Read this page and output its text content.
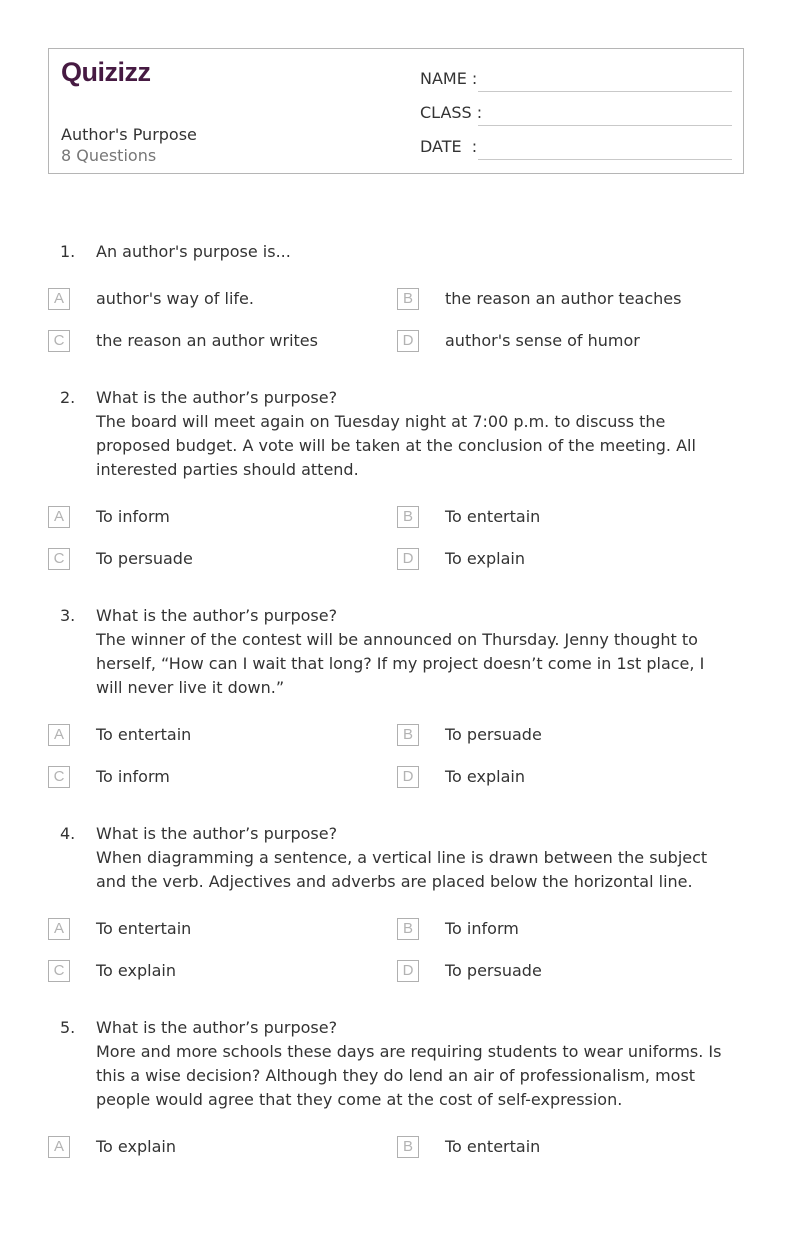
Quizizz
Author's Purpose
8 Questions
NAME :
CLASS :
DATE  :
1. An author's purpose is...
A	author's way of life.	B	the reason an author teaches
C	the reason an author writes	D	author's sense of humor
2. What is the author’s purpose?
The board will meet again on Tuesday night at 7:00 p.m. to discuss the proposed budget. A vote will be taken at the conclusion of the meeting. All interested parties should attend.
A	To inform	B	To entertain
C	To persuade	D	To explain
3. What is the author’s purpose?
The winner of the contest will be announced on Thursday. Jenny thought to herself, “How can I wait that long? If my project doesn’t come in 1st place, I will never live it down.”
A	To entertain	B	To persuade
C	To inform	D	To explain
4. What is the author’s purpose?
When diagramming a sentence, a vertical line is drawn between the subject and the verb. Adjectives and adverbs are placed below the horizontal line.
A	To entertain	B	To inform
C	To explain	D	To persuade
5. What is the author’s purpose?
More and more schools these days are requiring students to wear uniforms. Is this a wise decision? Although they do lend an air of professionalism, most people would agree that they come at the cost of self-expression.
A	To explain	B	To entertain
